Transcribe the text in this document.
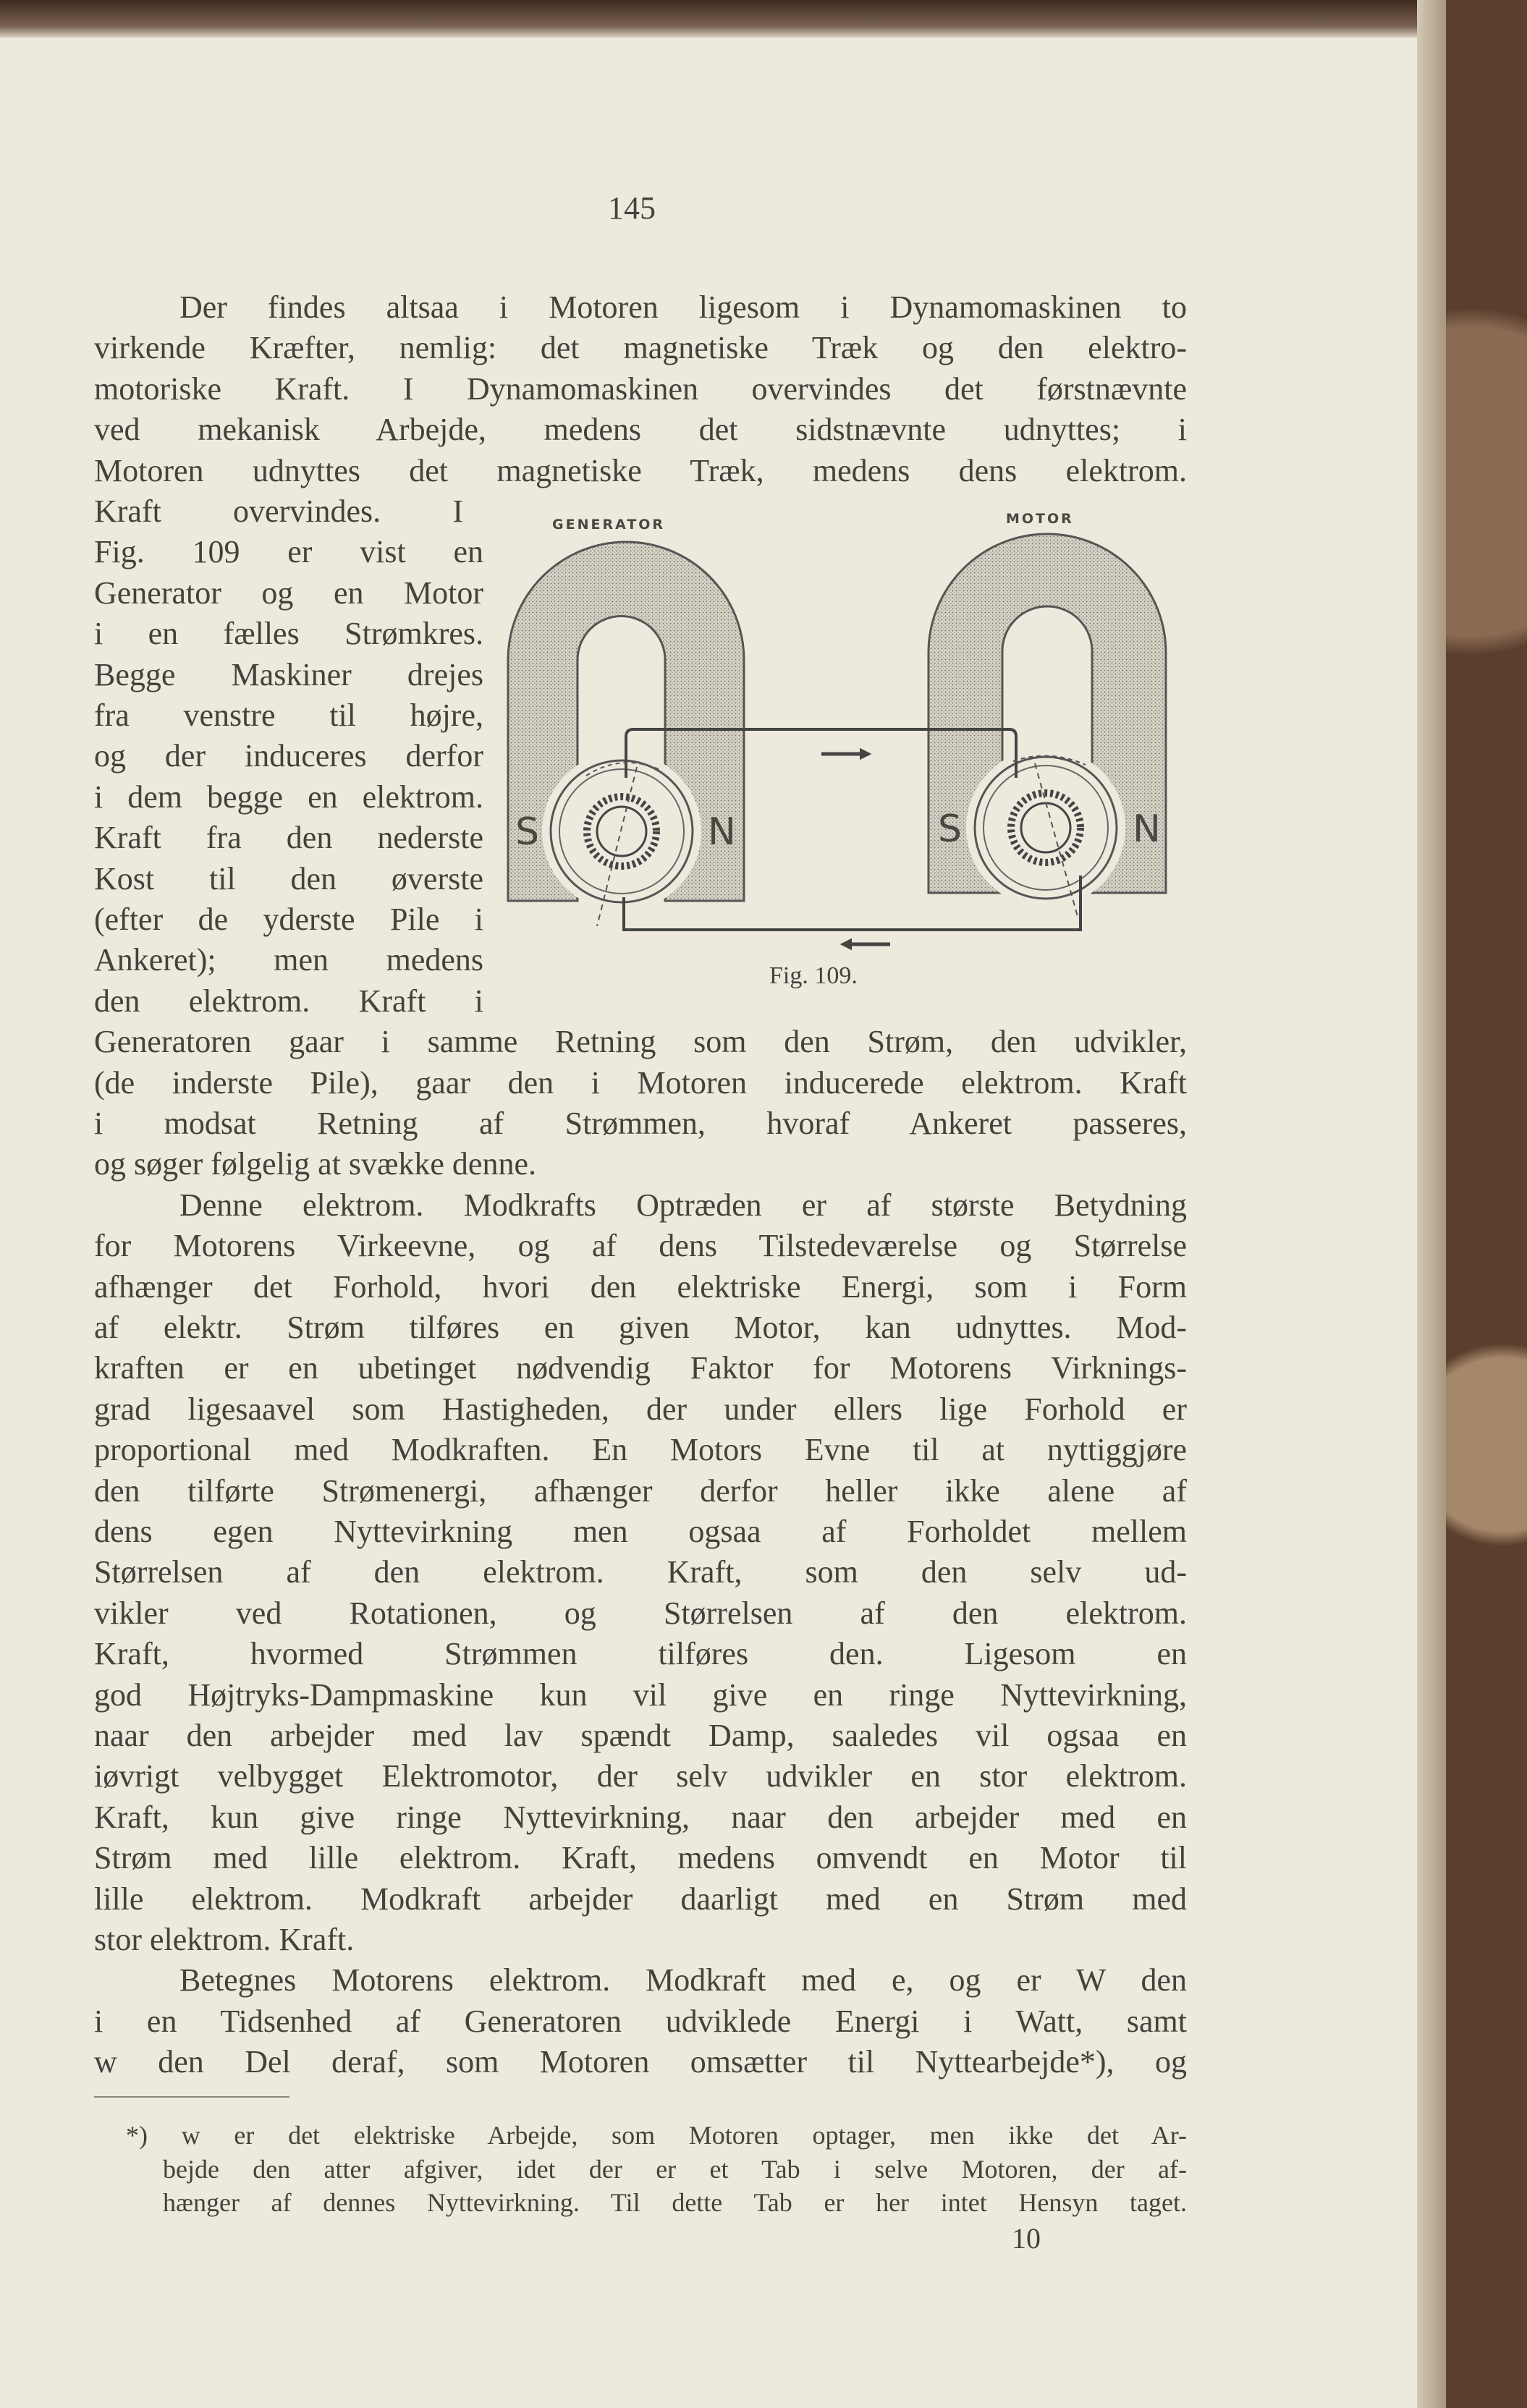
145
Der findes altsaa i Motoren ligesom i Dynamomaskinen to
virkende Kræfter, nemlig: det magnetiske Træk og den elektro-
motoriske Kraft. I Dynamomaskinen overvindes det førstnævnte
ved mekanisk Arbejde, medens det sidstnævnte udnyttes; i
Motoren udnyttes det magnetiske Træk, medens dens elektrom.
Kraft overvindes. I
Fig. 109 er vist en
Generator og en Motor
i en fælles Strømkres.
Begge Maskiner drejes
fra venstre til højre,
og der induceres derfor
i dem begge en elektrom.
Kraft fra den nederste
Kost til den øverste
(efter de yderste Pile i
Ankeret); men medens
den elektrom. Kraft i
Generatoren gaar i samme Retning som den Strøm, den udvikler,
(de inderste Pile), gaar den i Motoren inducerede elektrom. Kraft
i modsat Retning af Strømmen, hvoraf Ankeret passeres,
og søger følgelig at svække denne.
Denne elektrom. Modkrafts Optræden er af største Betydning
for Motorens Virkeevne, og af dens Tilstedeværelse og Størrelse
afhænger det Forhold, hvori den elektriske Energi, som i Form
af elektr. Strøm tilføres en given Motor, kan udnyttes. Mod-
kraften er en ubetinget nødvendig Faktor for Motorens Virknings-
grad ligesaavel som Hastigheden, der under ellers lige Forhold er
proportional med Modkraften. En Motors Evne til at nyttiggjøre
den tilførte Strømenergi, afhænger derfor heller ikke alene af
dens egen Nyttevirkning men ogsaa af Forholdet mellem
Størrelsen af den elektrom. Kraft, som den selv ud-
vikler ved Rotationen, og Størrelsen af den elektrom.
Kraft, hvormed Strømmen tilføres den. Ligesom en
god Højtryks-Dampmaskine kun vil give en ringe Nyttevirkning,
naar den arbejder med lav spændt Damp, saaledes vil ogsaa en
iøvrigt velbygget Elektromotor, der selv udvikler en stor elektrom.
Kraft, kun give ringe Nyttevirkning, naar den arbejder med en
Strøm med lille elektrom. Kraft, medens omvendt en Motor til
lille elektrom. Modkraft arbejder daarligt med en Strøm med
stor elektrom. Kraft.
Betegnes Motorens elektrom. Modkraft med e, og er W den
i en Tidsenhed af Generatoren udviklede Energi i Watt, samt
w den Del deraf, som Motoren omsætter til Nyttearbejde*), og
GENERATOR	MOTOR
S	N	S	N
Fig. 109.
*) w er det elektriske Arbejde, som Motoren optager, men ikke det Ar-
bejde den atter afgiver, idet der er et Tab i selve Motoren, der af-
hænger af dennes Nyttevirkning. Til dette Tab er her intet Hensyn taget.
10
